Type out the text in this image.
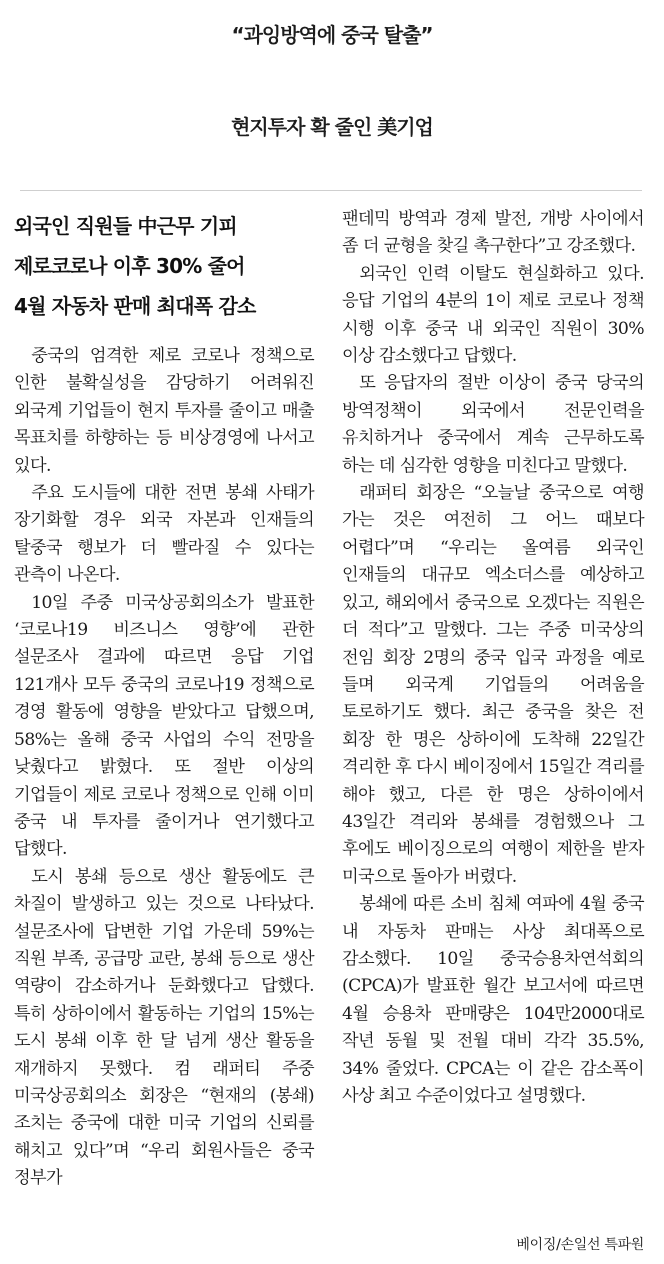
“과잉방역에 중국 탈출”
현지투자 확 줄인 美기업
외국인 직원들 中근무 기피
제로코로나 이후 30% 줄어
4월 자동차 판매 최대폭 감소

중국의 엄격한 제로 코로나 정책으로 인한 불확실성을 감당하기 어려워진 외국계 기업들이 현지 투자를 줄이고 매출 목표치를 하향하는 등 비상경영에 나서고 있다.

주요 도시들에 대한 전면 봉쇄 사태가 장기화할 경우 외국 자본과 인재들의 탈중국 행보가 더 빨라질 수 있다는 관측이 나온다.

10일 주중 미국상공회의소가 발표한 ‘코로나19 비즈니스 영향’에 관한 설문조사 결과에 따르면 응답 기업 121개사 모두 중국의 코로나19 정책으로 경영 활동에 영향을 받았다고 답했으며, 58%는 올해 중국 사업의 수익 전망을 낮췄다고 밝혔다. 또 절반 이상의 기업들이 제로 코로나 정책으로 인해 이미 중국 내 투자를 줄이거나 연기했다고 답했다.

도시 봉쇄 등으로 생산 활동에도 큰 차질이 발생하고 있는 것으로 나타났다. 설문조사에 답변한 기업 가운데 59%는 직원 부족, 공급망 교란, 봉쇄 등으로 생산 역량이 감소하거나 둔화했다고 답했다. 특히 상하이에서 활동하는 기업의 15%는 도시 봉쇄 이후 한 달 넘게 생산 활동을 재개하지 못했다. 컴 래퍼티 주중 미국상공회의소 회장은 “현재의 (봉쇄) 조치는 중국에 대한 미국 기업의 신뢰를 해치고 있다”며 “우리 회원사들은 중국 정부가

팬데믹 방역과 경제 발전, 개방 사이에서 좀 더 균형을 찾길 촉구한다”고 강조했다.

외국인 인력 이탈도 현실화하고 있다. 응답 기업의 4분의 1이 제로 코로나 정책 시행 이후 중국 내 외국인 직원이 30% 이상 감소했다고 답했다.

또 응답자의 절반 이상이 중국 당국의 방역정책이 외국에서 전문인력을 유치하거나 중국에서 계속 근무하도록 하는 데 심각한 영향을 미친다고 말했다.

래퍼티 회장은 “오늘날 중국으로 여행 가는 것은 여전히 그 어느 때보다 어렵다”며 “우리는 올여름 외국인 인재들의 대규모 엑소더스를 예상하고 있고, 해외에서 중국으로 오겠다는 직원은 더 적다”고 말했다. 그는 주중 미국상의 전임 회장 2명의 중국 입국 과정을 예로 들며 외국계 기업들의 어려움을 토로하기도 했다. 최근 중국을 찾은 전 회장 한 명은 상하이에 도착해 22일간 격리한 후 다시 베이징에서 15일간 격리를 해야 했고, 다른 한 명은 상하이에서 43일간 격리와 봉쇄를 경험했으나 그 후에도 베이징으로의 여행이 제한을 받자 미국으로 돌아가 버렸다.

봉쇄에 따른 소비 침체 여파에 4월 중국 내 자동차 판매는 사상 최대폭으로 감소했다. 10일 중국승용차연석회의(CPCA)가 발표한 월간 보고서에 따르면 4월 승용차 판매량은 104만2000대로 작년 동월 및 전월 대비 각각 35.5%, 34% 줄었다. CPCA는 이 같은 감소폭이 사상 최고 수준이었다고 설명했다.

베이징/손일선 특파원
